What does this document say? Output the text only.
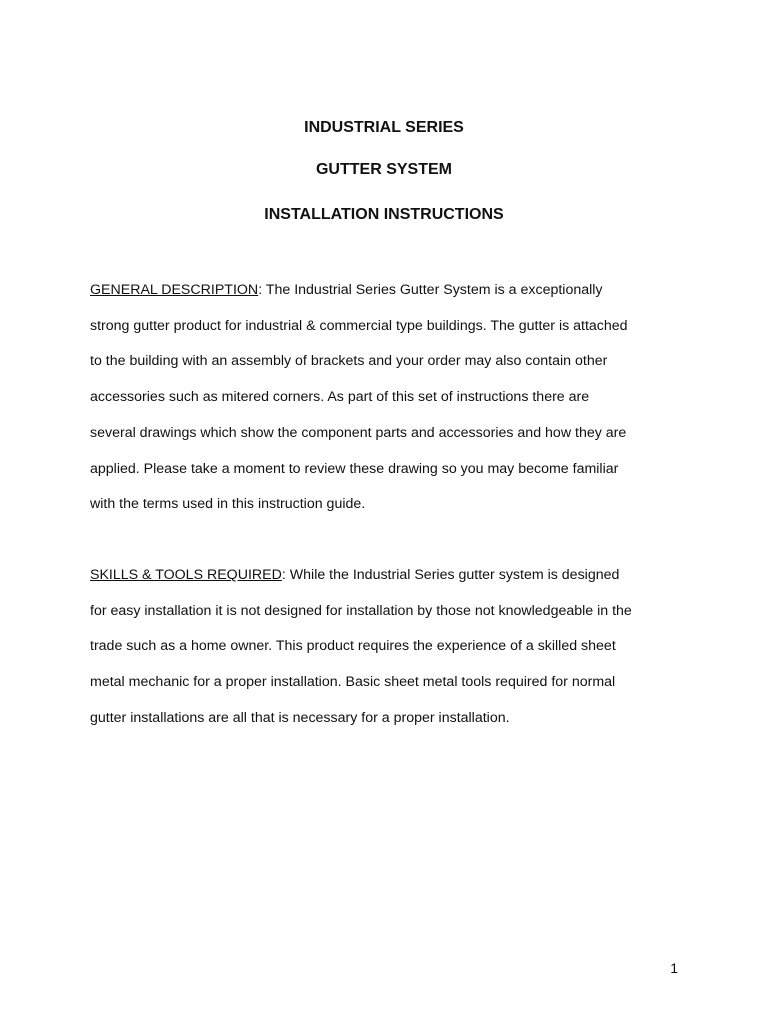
INDUSTRIAL SERIES
GUTTER SYSTEM
INSTALLATION INSTRUCTIONS

GENERAL DESCRIPTION: The Industrial Series Gutter System is a exceptionally
strong gutter product for industrial & commercial type buildings. The gutter is attached
to the building with an assembly of brackets and your order may also contain other
accessories such as mitered corners. As part of this set of instructions there are
several drawings which show the component parts and accessories and how they are
applied. Please take a moment to review these drawing so you may become familiar
with the terms used in this instruction guide.

SKILLS & TOOLS REQUIRED: While the Industrial Series gutter system is designed
for easy installation it is not designed for installation by those not knowledgeable in the
trade such as a home owner. This product requires the experience of a skilled sheet
metal mechanic for a proper installation. Basic sheet metal tools required for normal
gutter installations are all that is necessary for a proper installation.

1
